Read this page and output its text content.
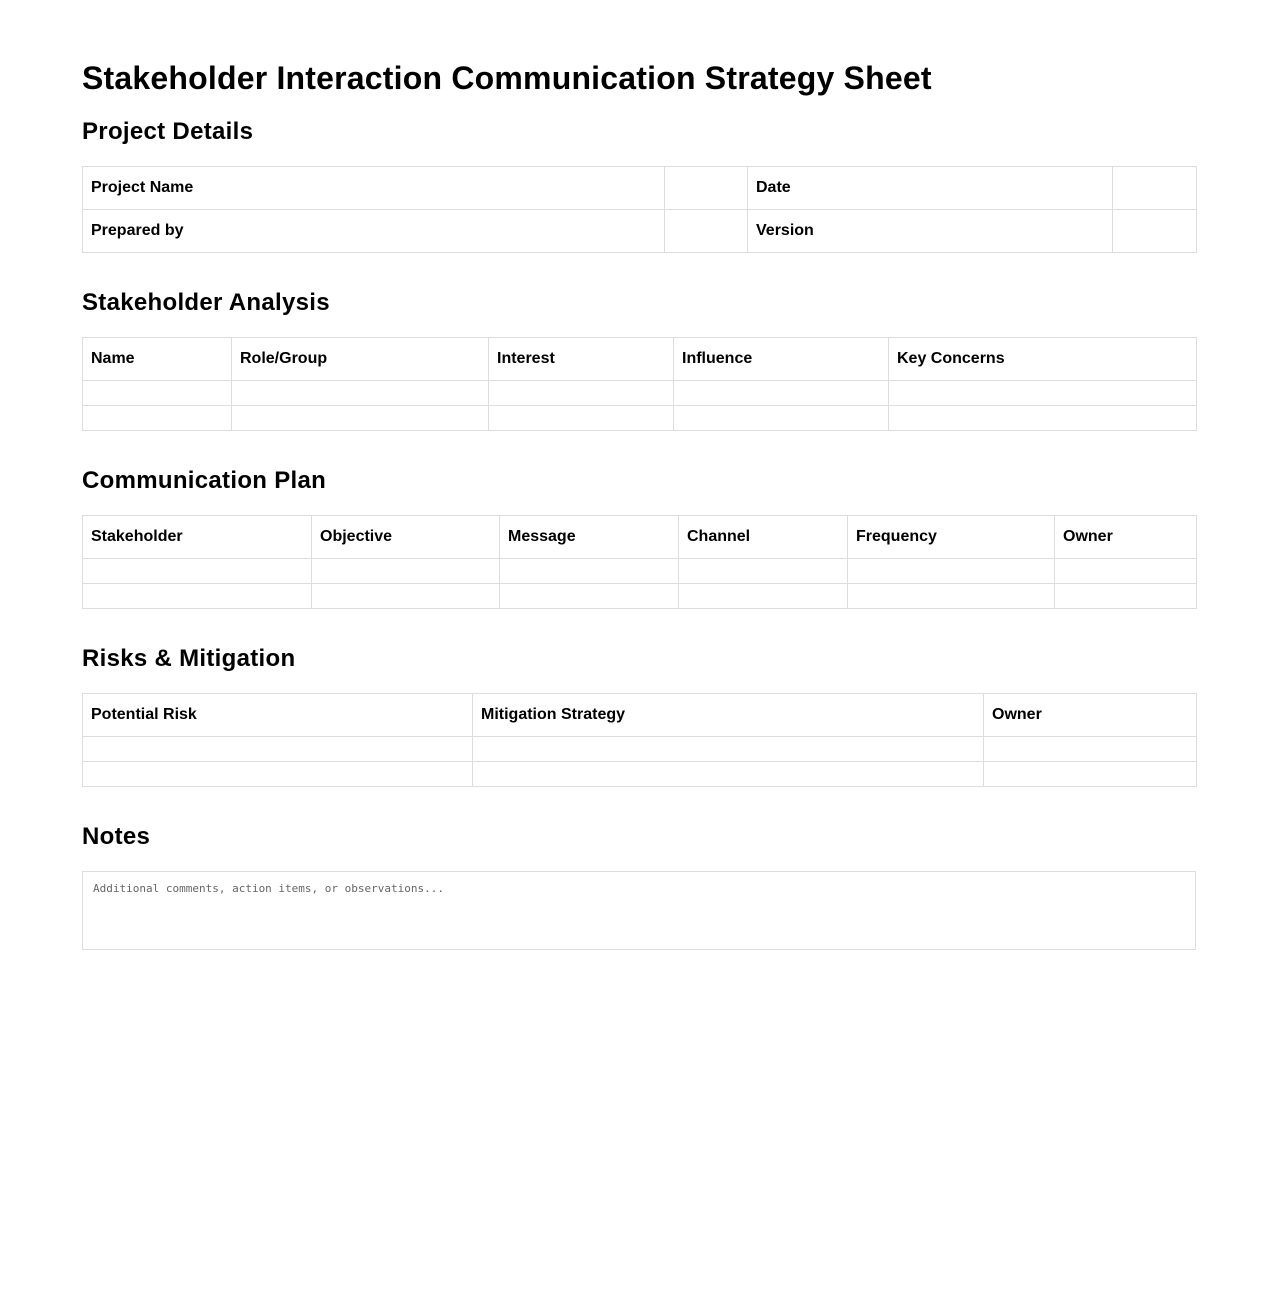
Stakeholder Interaction Communication Strategy Sheet
Project Details
Project Name		Date	
Prepared by		Version	
Stakeholder Analysis
Name	Role/Group	Interest	Influence	Key Concerns

Communication Plan
Stakeholder	Objective	Message	Channel	Frequency	Owner

Risks & Mitigation
Potential Risk	Mitigation Strategy	Owner

Notes
Additional comments, action items, or observations...
